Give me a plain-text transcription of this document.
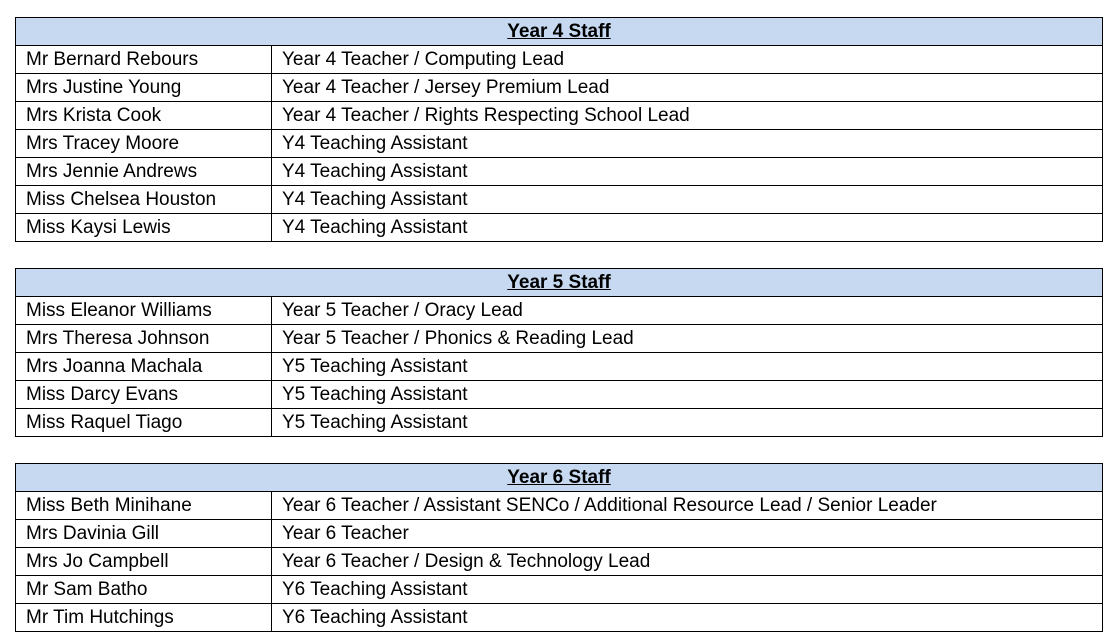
Year 4 Staff	
Mr Bernard Rebours	Year 4 Teacher / Computing Lead
Mrs Justine Young	Year 4 Teacher / Jersey Premium Lead
Mrs Krista Cook	Year 4 Teacher / Rights Respecting School Lead
Mrs Tracey Moore	Y4 Teaching Assistant
Mrs Jennie Andrews	Y4 Teaching Assistant
Miss Chelsea Houston	Y4 Teaching Assistant
Miss Kaysi Lewis	Y4 Teaching Assistant
Year 5 Staff	
Miss Eleanor Williams	Year 5 Teacher / Oracy Lead
Mrs Theresa Johnson	Year 5 Teacher / Phonics & Reading Lead
Mrs Joanna Machala	Y5 Teaching Assistant
Miss Darcy Evans	Y5 Teaching Assistant
Miss Raquel Tiago	Y5 Teaching Assistant
Year 6 Staff	
Miss Beth Minihane	Year 6 Teacher / Assistant SENCo / Additional Resource Lead / Senior Leader
Mrs Davinia Gill	Year 6 Teacher
Mrs Jo Campbell	Year 6 Teacher / Design & Technology Lead
Mr Sam Batho	Y6 Teaching Assistant
Mr Tim Hutchings	Y6 Teaching Assistant
